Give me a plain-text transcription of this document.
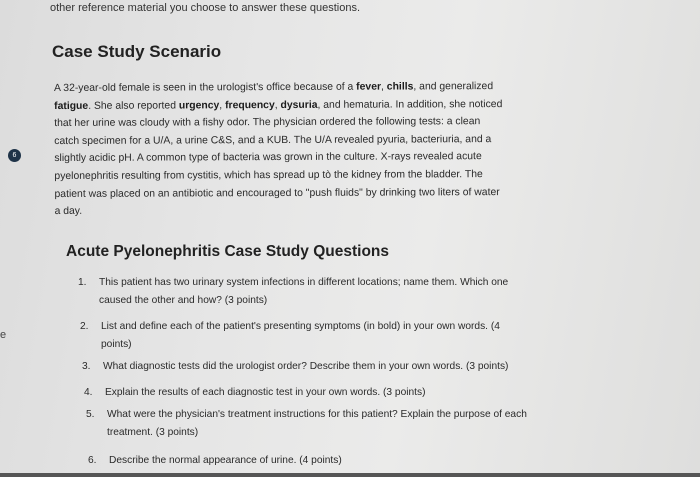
other reference material you choose to answer these questions.
Case Study Scenario
A 32-year-old female is seen in the urologist's office because of a fever, chills, and generalized
fatigue. She also reported urgency, frequency, dysuria, and hematuria. In addition, she noticed
that her urine was cloudy with a fishy odor. The physician ordered the following tests: a clean
catch specimen for a U/A, a urine C&S, and a KUB. The U/A revealed pyuria, bacteriuria, and a
slightly acidic pH. A common type of bacteria was grown in the culture. X-rays revealed acute
pyelonephritis resulting from cystitis, which has spread up tò the kidney from the bladder. The
patient was placed on an antibiotic and encouraged to "push fluids" by drinking two liters of water
a day.
6
e
Acute Pyelonephritis Case Study Questions
1.	This patient has two urinary system infections in different locations; name them. Which one
caused the other and how? (3 points)
2.	List and define each of the patient's presenting symptoms (in bold) in your own words. (4
points)
3.	What diagnostic tests did the urologist order? Describe them in your own words. (3 points)
4.	Explain the results of each diagnostic test in your own words. (3 points)
5.	What were the physician's treatment instructions for this patient? Explain the purpose of each
treatment. (3 points)
6.	Describe the normal appearance of urine. (4 points)
